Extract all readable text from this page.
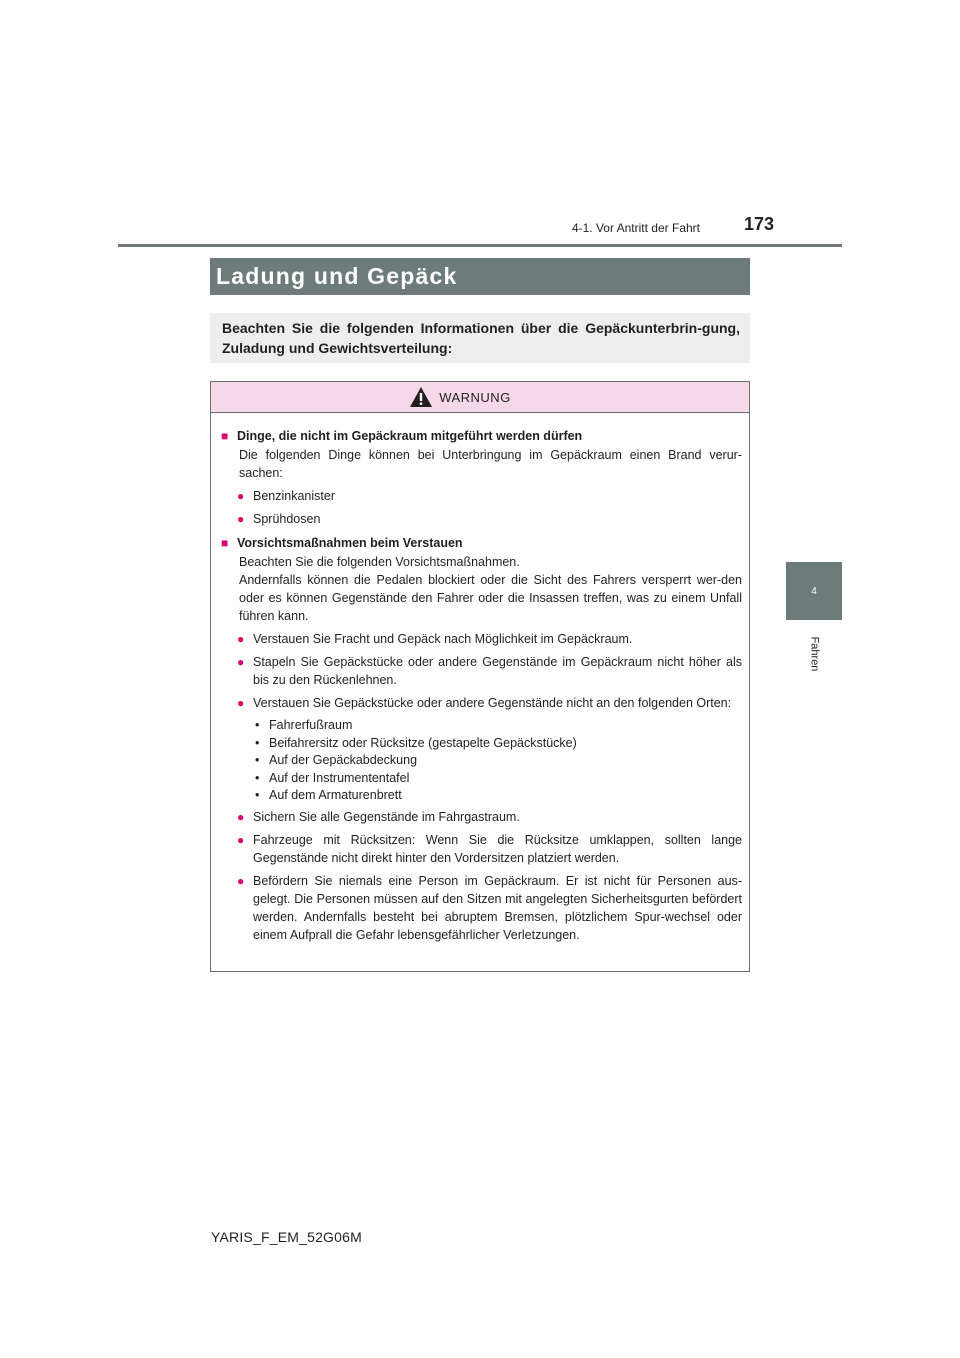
4-1. Vor Antritt der Fahrt	173
4
Fahren
Ladung und Gepäck
Beachten Sie die folgenden Informationen über die Gepäckunterbrin-gung, Zuladung und Gewichtsverteilung:
WARNUNG
■ Dinge, die nicht im Gepäckraum mitgeführt werden dürfen
Die folgenden Dinge können bei Unterbringung im Gepäckraum einen Brand verur-sachen:
● Benzinkanister
● Sprühdosen
■ Vorsichtsmaßnahmen beim Verstauen
Beachten Sie die folgenden Vorsichtsmaßnahmen.
Andernfalls können die Pedalen blockiert oder die Sicht des Fahrers versperrt wer-den oder es können Gegenstände den Fahrer oder die Insassen treffen, was zu einem Unfall führen kann.
● Verstauen Sie Fracht und Gepäck nach Möglichkeit im Gepäckraum.
● Stapeln Sie Gepäckstücke oder andere Gegenstände im Gepäckraum nicht höher als bis zu den Rückenlehnen.
● Verstauen Sie Gepäckstücke oder andere Gegenstände nicht an den folgenden Orten:
• Fahrerfußraum
• Beifahrersitz oder Rücksitze (gestapelte Gepäckstücke)
• Auf der Gepäckabdeckung
• Auf der Instrumententafel
• Auf dem Armaturenbrett
● Sichern Sie alle Gegenstände im Fahrgastraum.
● Fahrzeuge mit Rücksitzen: Wenn Sie die Rücksitze umklappen, sollten lange Gegenstände nicht direkt hinter den Vordersitzen platziert werden.
● Befördern Sie niemals eine Person im Gepäckraum. Er ist nicht für Personen aus-gelegt. Die Personen müssen auf den Sitzen mit angelegten Sicherheitsgurten befördert werden. Andernfalls besteht bei abruptem Bremsen, plötzlichem Spur-wechsel oder einem Aufprall die Gefahr lebensgefährlicher Verletzungen.
YARIS_F_EM_52G06M
